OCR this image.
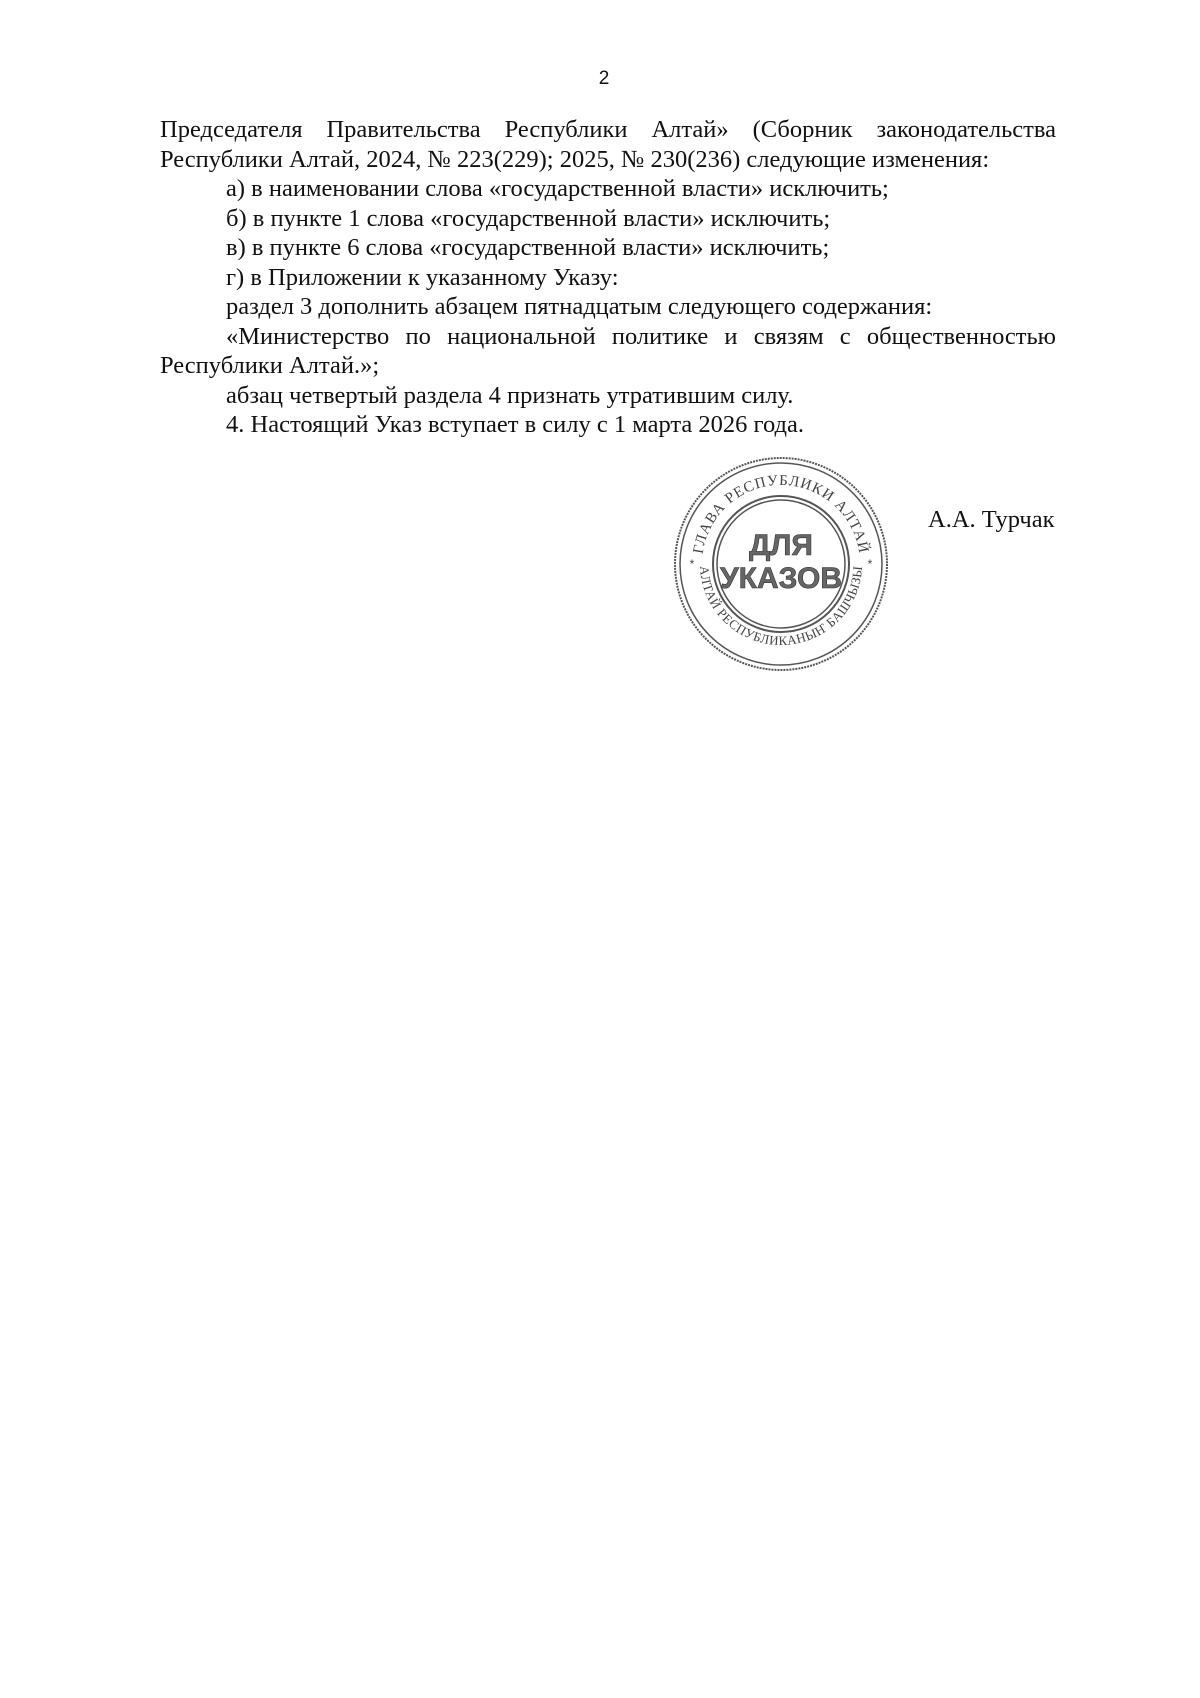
2

Председателя Правительства Республики Алтай» (Сборник законодательства

Республики Алтай, 2024, № 223(229); 2025, № 230(236) следующие изменения:

а) в наименовании слова «государственной власти» исключить;

б) в пункте 1 слова «государственной власти» исключить;

в) в пункте 6 слова «государственной власти» исключить;

г) в Приложении к указанному Указу:

раздел 3 дополнить абзацем пятнадцатым следующего содержания:

«Министерство по национальной политике и связям с общественностью

Республики Алтай.»;

абзац четвертый раздела 4 признать утратившим силу.

4. Настоящий Указ вступает в силу с 1 марта 2026 года.

ГЛАВА РЕСПУБЛИКИ АЛТАЙ
АЛТАЙ РЕСПУБЛИКАНЫҤ БАШЧЫЗЫ
*	*
ДЛЯ
УКАЗОВ
А.А. Турчак
